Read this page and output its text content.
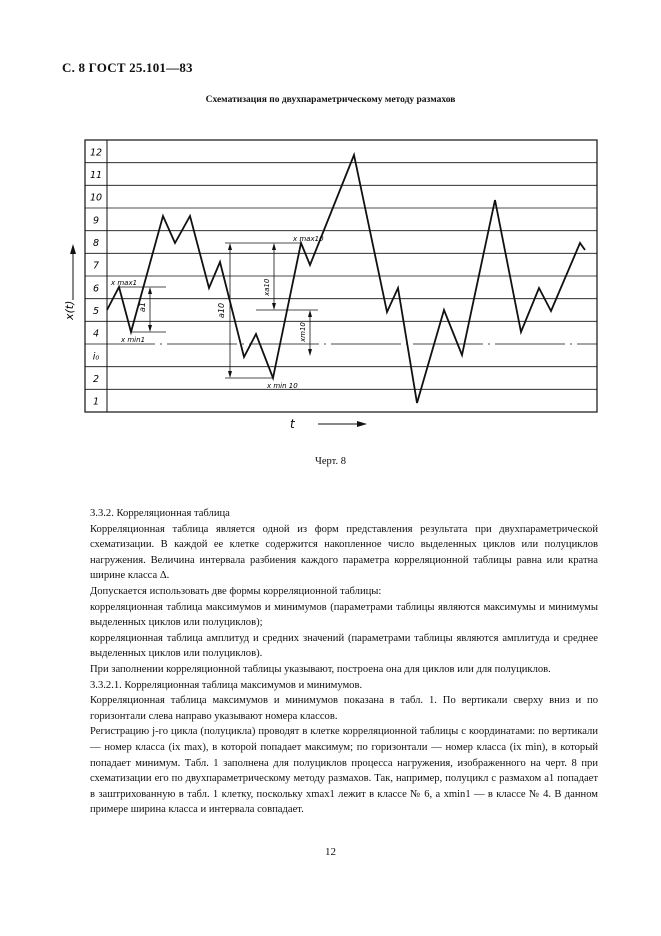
С. 8 ГОСТ 25.101—83
Схематизация по двухпараметрическому методу размахов
12
11
10
9
8
7
6
5
4
i₀
2
1
x(t)
t
x max1
x min1
a1	a10
xa10
xm10
x max10
x min 10
Черт. 8

3.3.2. Корреляционная таблица

Корреляционная таблица является одной из форм представления результата при двухпараметрической схематизации. В каждой ее клетке содержится накопленное число выделенных циклов или полуциклов нагружения. Величина интервала разбиения каждого параметра корреляционной таблицы равна или кратна ширине класса Δ.

Допускается использовать две формы корреляционной таблицы:

корреляционная таблица максимумов и минимумов (параметрами таблицы являются максимумы и минимумы выделенных циклов или полуциклов);

корреляционная таблица амплитуд и средних значений (параметрами таблицы являются амплитуда и среднее выделенных циклов или полуциклов).

При заполнении корреляционной таблицы указывают, построена она для циклов или для полуциклов.

3.3.2.1. Корреляционная таблица максимумов и минимумов.

Корреляционная таблица максимумов и минимумов показана в табл. 1. По вертикали сверху вниз и по горизонтали слева направо указывают номера классов.

Регистрацию j-го цикла (полуцикла) проводят в клетке корреляционной таблицы с координатами: по вертикали — номер класса (ix max), в которой попадает максимум; по горизонтали — номер класса (ix min), в который попадает минимум. Табл. 1 заполнена для полуциклов процесса нагружения, изображенного на черт. 8 при схематизации его по двухпараметрическому методу размахов. Так, например, полуцикл с размахом a1 попадает в заштрихованную в табл. 1 клетку, поскольку xmax1 лежит в классе № 6, а xmin1 — в классе № 4. В данном примере ширина класса и интервала совпадает.

12
